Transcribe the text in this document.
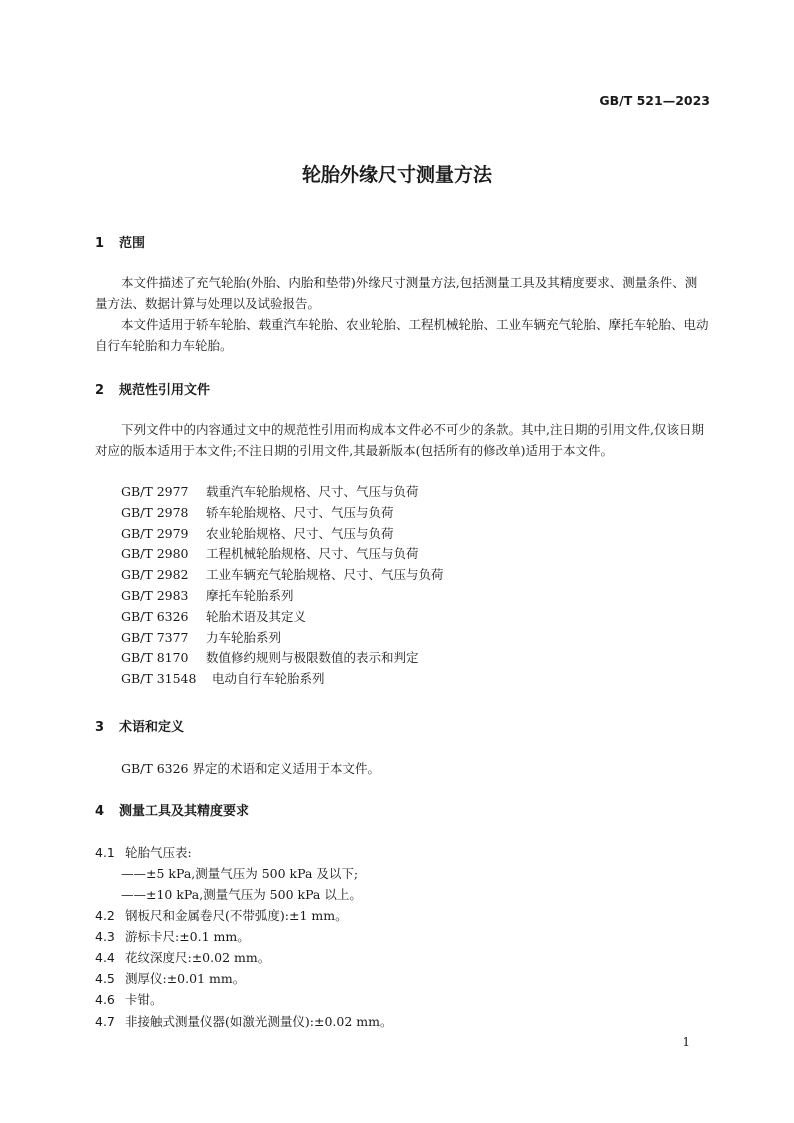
GB/T 521—2023
轮胎外缘尺寸测量方法
1 范围

本文件描述了充气轮胎(外胎、内胎和垫带)外缘尺寸测量方法,包括测量工具及其精度要求、测量条件、测量方法、数据计算与处理以及试验报告。

本文件适用于轿车轮胎、载重汽车轮胎、农业轮胎、工程机械轮胎、工业车辆充气轮胎、摩托车轮胎、电动自行车轮胎和力车轮胎。

2 规范性引用文件

下列文件中的内容通过文中的规范性引用而构成本文件必不可少的条款。其中,注日期的引用文件,仅该日期对应的版本适用于本文件;不注日期的引用文件,其最新版本(包括所有的修改单)适用于本文件。

GB/T 2977 载重汽车轮胎规格、尺寸、气压与负荷
GB/T 2978 轿车轮胎规格、尺寸、气压与负荷
GB/T 2979 农业轮胎规格、尺寸、气压与负荷
GB/T 2980 工程机械轮胎规格、尺寸、气压与负荷
GB/T 2982 工业车辆充气轮胎规格、尺寸、气压与负荷
GB/T 2983 摩托车轮胎系列
GB/T 6326 轮胎术语及其定义
GB/T 7377 力车轮胎系列
GB/T 8170 数值修约规则与极限数值的表示和判定
GB/T 31548 电动自行车轮胎系列
3 术语和定义
GB/T 6326 界定的术语和定义适用于本文件。
4 测量工具及其精度要求
4.1 轮胎气压表:
——±5 kPa,测量气压为 500 kPa 及以下;
——±10 kPa,测量气压为 500 kPa 以上。
4.2 钢板尺和金属卷尺(不带弧度):±1 mm。
4.3 游标卡尺:±0.1 mm。
4.4 花纹深度尺:±0.02 mm。
4.5 测厚仪:±0.01 mm。
4.6 卡钳。
4.7 非接触式测量仪器(如激光测量仪):±0.02 mm。
1
